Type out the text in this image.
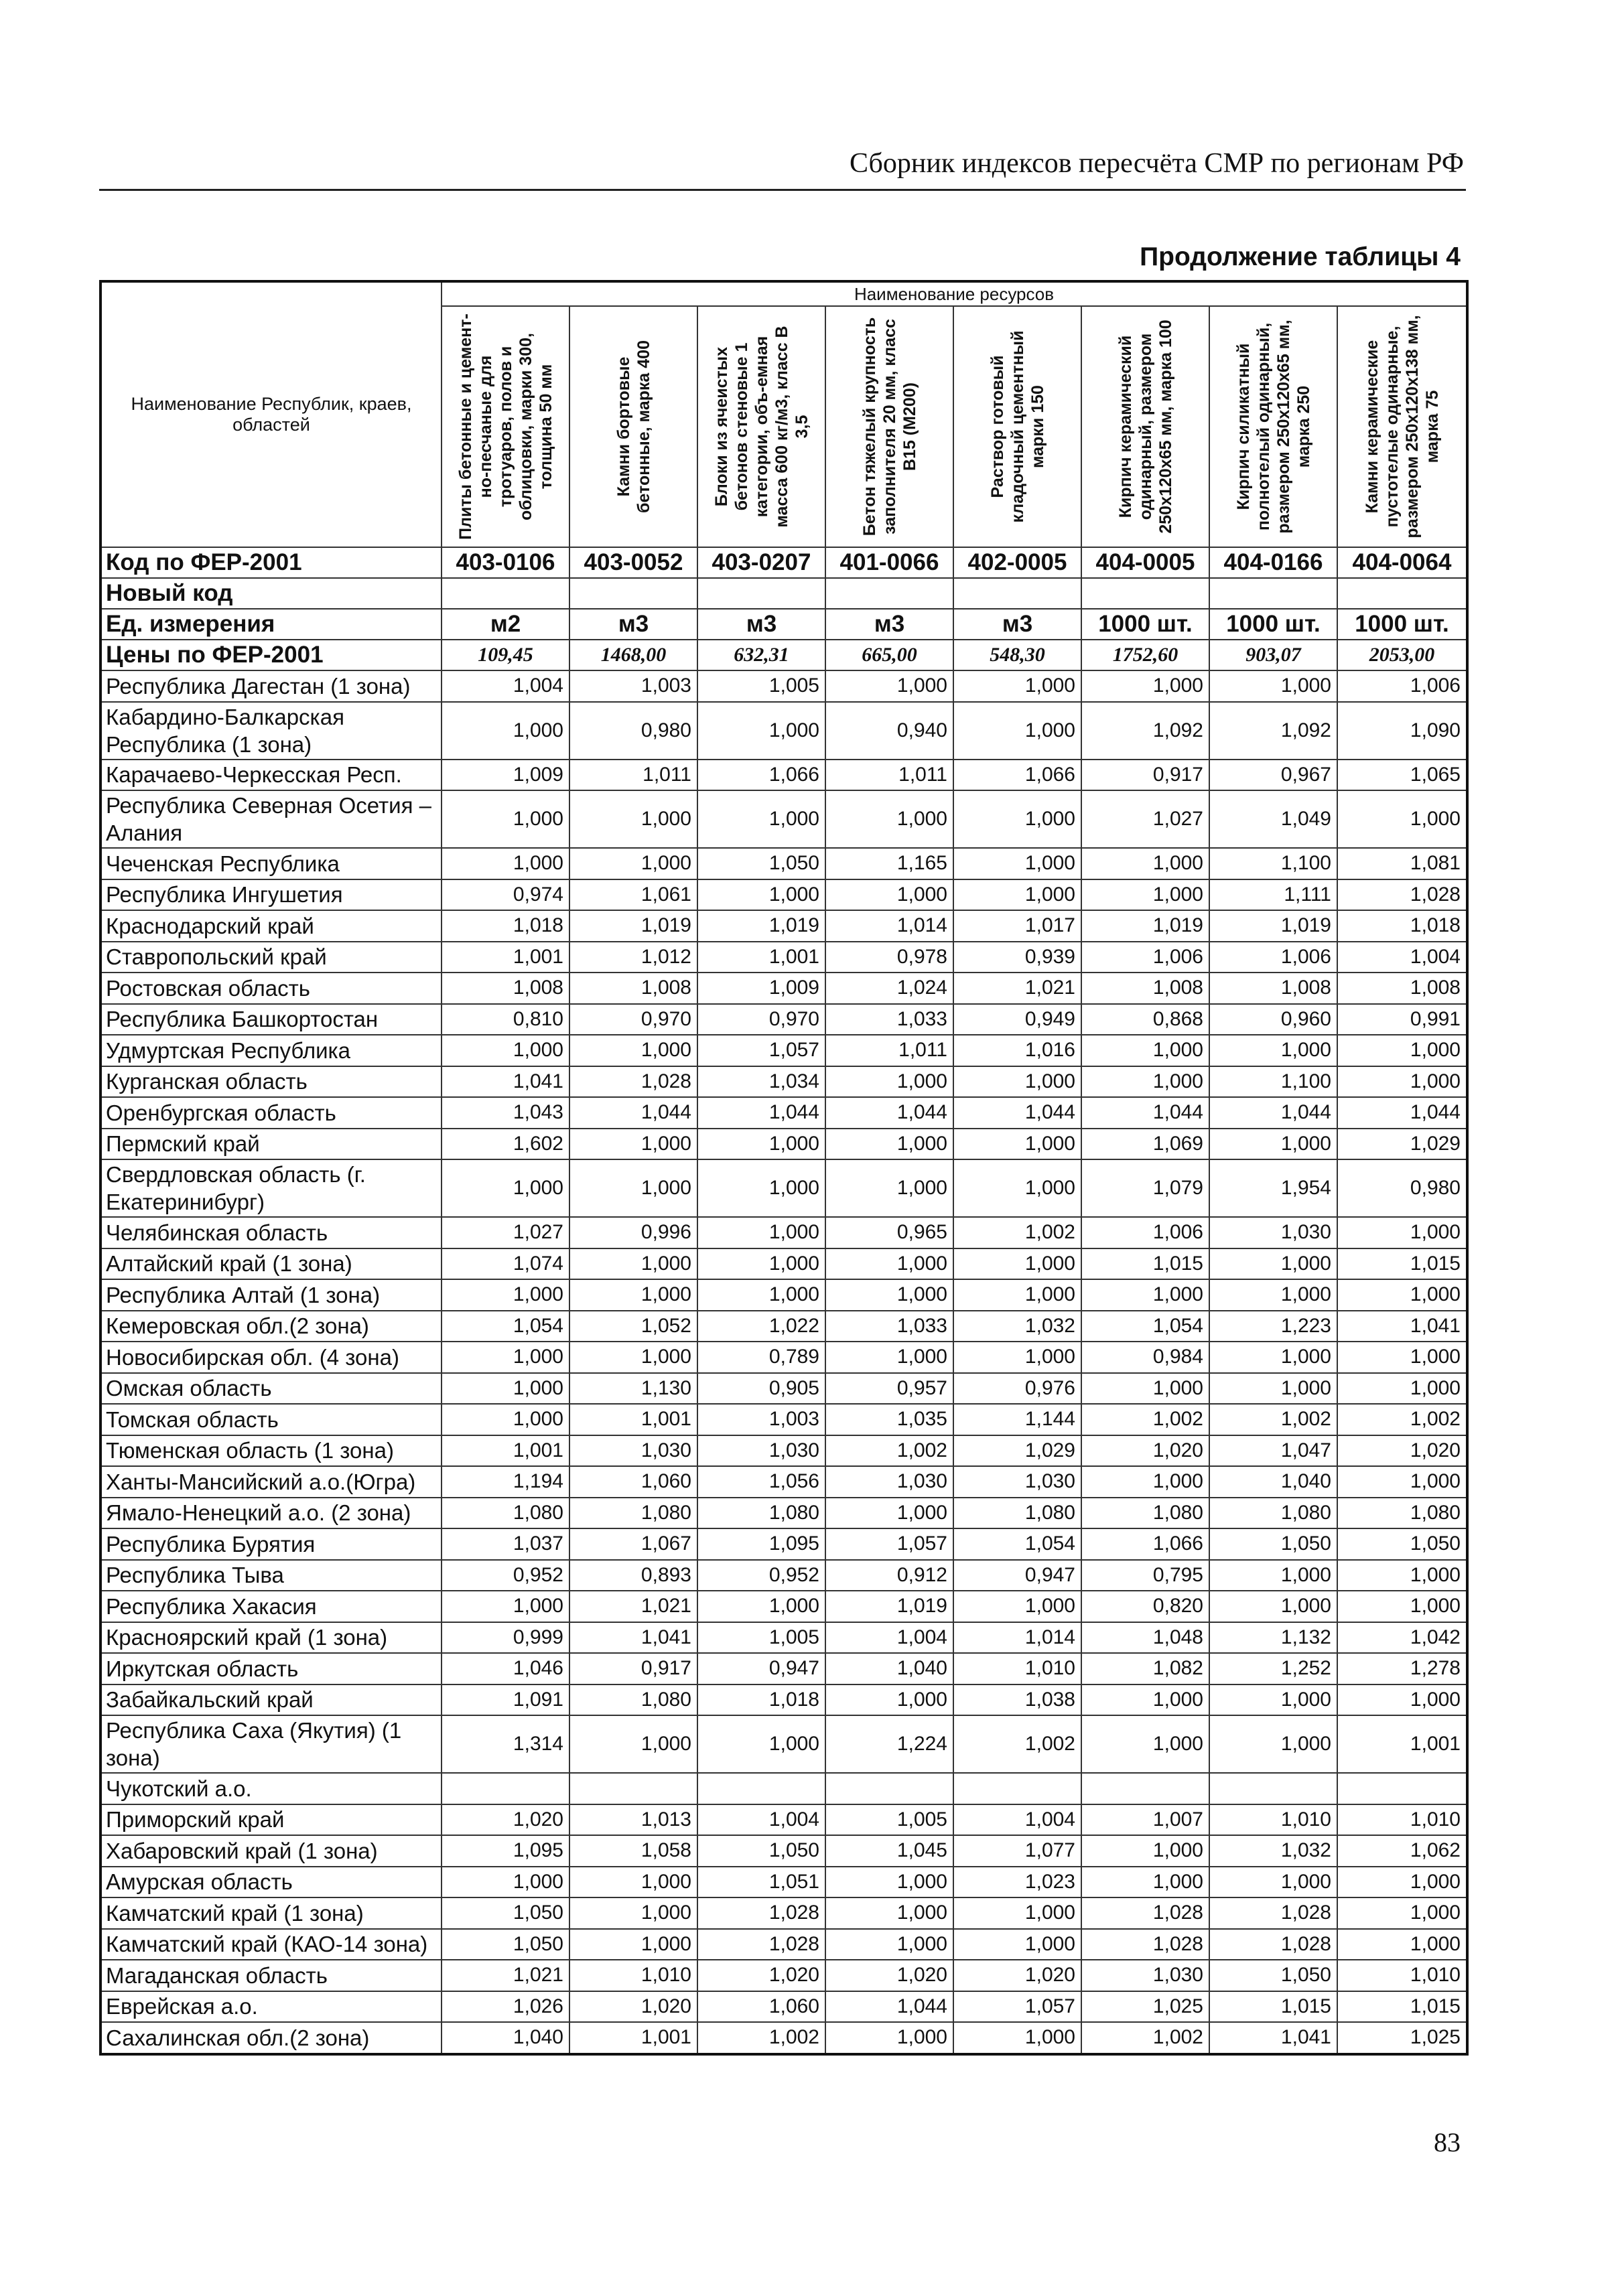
Сборник индексов пересчёта СМР по регионам РФ
Продолжение таблицы 4
Наименование Республик, краев, областей	Наименование ресурсов							

	Плиты бетонные и цемент-но-песчаные для тротуаров, полов и облицовки, марки 300, толщина 50 мм	Камни бортовые бетонные, марка 400	Блоки из ячеистых бетонов стеновые 1 категории, объ-емная масса 600 кг/м3, класс В 3,5	Бетон тяжелый крупность заполнителя 20 мм, класс В15 (М200)	Раствор готовый кладочный цементный марки 150	Кирпич керамический одинарный, размером 250х120х65 мм, марка 100	Кирпич силикатный полнотелый одинарный, размером 250х120х65 мм, марка 250	Камни керамические пустотелые одинарные, размером 250х120х138 мм, марка 75

Код по ФЕР-2001	403-0106	403-0052	403-0207	401-0066	402-0005	404-0005	404-0166	404-0064
Новый код								
Ед. измерения	м2	м3	м3	м3	м3	1000 шт.	1000 шт.	1000 шт.
Цены по ФЕР-2001	109,45	1468,00	632,31	665,00	548,30	1752,60	903,07	2053,00
Республика Дагестан (1 зона)	1,004	1,003	1,005	1,000	1,000	1,000	1,000	1,006
Кабардино-Балкарская Республика (1 зона)	1,000	0,980	1,000	0,940	1,000	1,092	1,092	1,090
Карачаево-Черкесская Респ.	1,009	1,011	1,066	1,011	1,066	0,917	0,967	1,065
Республика Северная Осетия – Алания	1,000	1,000	1,000	1,000	1,000	1,027	1,049	1,000
Чеченская Республика	1,000	1,000	1,050	1,165	1,000	1,000	1,100	1,081
Республика Ингушетия	0,974	1,061	1,000	1,000	1,000	1,000	1,111	1,028
Краснодарский край	1,018	1,019	1,019	1,014	1,017	1,019	1,019	1,018
Ставропольский край	1,001	1,012	1,001	0,978	0,939	1,006	1,006	1,004
Ростовская область	1,008	1,008	1,009	1,024	1,021	1,008	1,008	1,008
Республика Башкортостан	0,810	0,970	0,970	1,033	0,949	0,868	0,960	0,991
Удмуртская Республика	1,000	1,000	1,057	1,011	1,016	1,000	1,000	1,000
Курганская область	1,041	1,028	1,034	1,000	1,000	1,000	1,100	1,000
Оренбургская область	1,043	1,044	1,044	1,044	1,044	1,044	1,044	1,044
Пермский край	1,602	1,000	1,000	1,000	1,000	1,069	1,000	1,029
Свердловская область (г. Екатеринибург)	1,000	1,000	1,000	1,000	1,000	1,079	1,954	0,980
Челябинская область	1,027	0,996	1,000	0,965	1,002	1,006	1,030	1,000
Алтайский край (1 зона)	1,074	1,000	1,000	1,000	1,000	1,015	1,000	1,015
Республика Алтай (1 зона)	1,000	1,000	1,000	1,000	1,000	1,000	1,000	1,000
Кемеровская обл.(2 зона)	1,054	1,052	1,022	1,033	1,032	1,054	1,223	1,041
Новосибирская обл. (4 зона)	1,000	1,000	0,789	1,000	1,000	0,984	1,000	1,000
Омская область	1,000	1,130	0,905	0,957	0,976	1,000	1,000	1,000
Томская область	1,000	1,001	1,003	1,035	1,144	1,002	1,002	1,002
Тюменская область (1 зона)	1,001	1,030	1,030	1,002	1,029	1,020	1,047	1,020
Ханты-Мансийский а.о.(Югра)	1,194	1,060	1,056	1,030	1,030	1,000	1,040	1,000
Ямало-Ненецкий а.о. (2 зона)	1,080	1,080	1,080	1,000	1,080	1,080	1,080	1,080
Республика Бурятия	1,037	1,067	1,095	1,057	1,054	1,066	1,050	1,050
Республика Тыва	0,952	0,893	0,952	0,912	0,947	0,795	1,000	1,000
Республика Хакасия	1,000	1,021	1,000	1,019	1,000	0,820	1,000	1,000
Красноярский край (1 зона)	0,999	1,041	1,005	1,004	1,014	1,048	1,132	1,042
Иркутская область	1,046	0,917	0,947	1,040	1,010	1,082	1,252	1,278
Забайкальский край	1,091	1,080	1,018	1,000	1,038	1,000	1,000	1,000
Республика Саха (Якутия) (1 зона)	1,314	1,000	1,000	1,224	1,002	1,000	1,000	1,001
Чукотский а.о.								
Приморский край	1,020	1,013	1,004	1,005	1,004	1,007	1,010	1,010
Хабаровский край (1 зона)	1,095	1,058	1,050	1,045	1,077	1,000	1,032	1,062
Амурская область	1,000	1,000	1,051	1,000	1,023	1,000	1,000	1,000
Камчатский край (1 зона)	1,050	1,000	1,028	1,000	1,000	1,028	1,028	1,000
Камчатский край (КАО-14 зона)	1,050	1,000	1,028	1,000	1,000	1,028	1,028	1,000
Магаданская область	1,021	1,010	1,020	1,020	1,020	1,030	1,050	1,010
Еврейская а.о.	1,026	1,020	1,060	1,044	1,057	1,025	1,015	1,015
Сахалинская обл.(2 зона)	1,040	1,001	1,002	1,000	1,000	1,002	1,041	1,025
83
